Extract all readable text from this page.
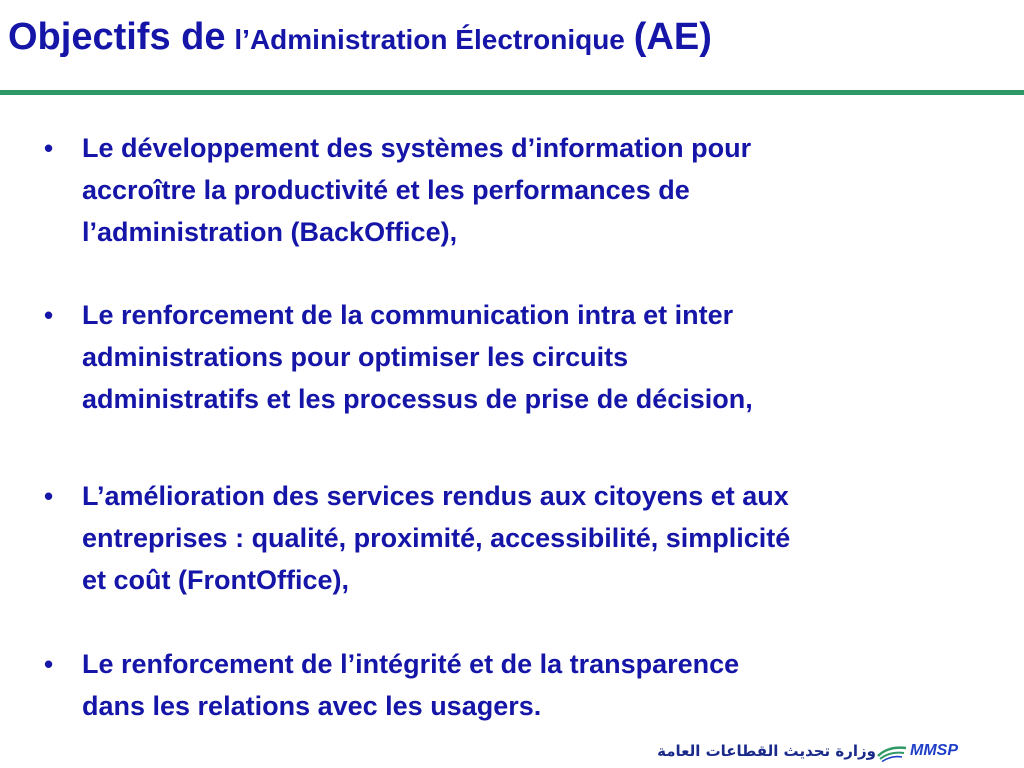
Objectifs de l’Administration Électronique (AE)
• Le développement des systèmes d’information pour
accroître la productivité et les performances de
l’administration (BackOffice),
• Le renforcement de la communication intra et inter
administrations pour optimiser les circuits
administratifs et les processus de prise de décision,
• L’amélioration des services rendus aux citoyens et aux
entreprises : qualité, proximité, accessibilité, simplicité
et coût (FrontOffice),
• Le renforcement de l’intégrité et de la transparence
dans les relations avec les usagers.
وزارة تحديث القطاعات العامة MMSP
